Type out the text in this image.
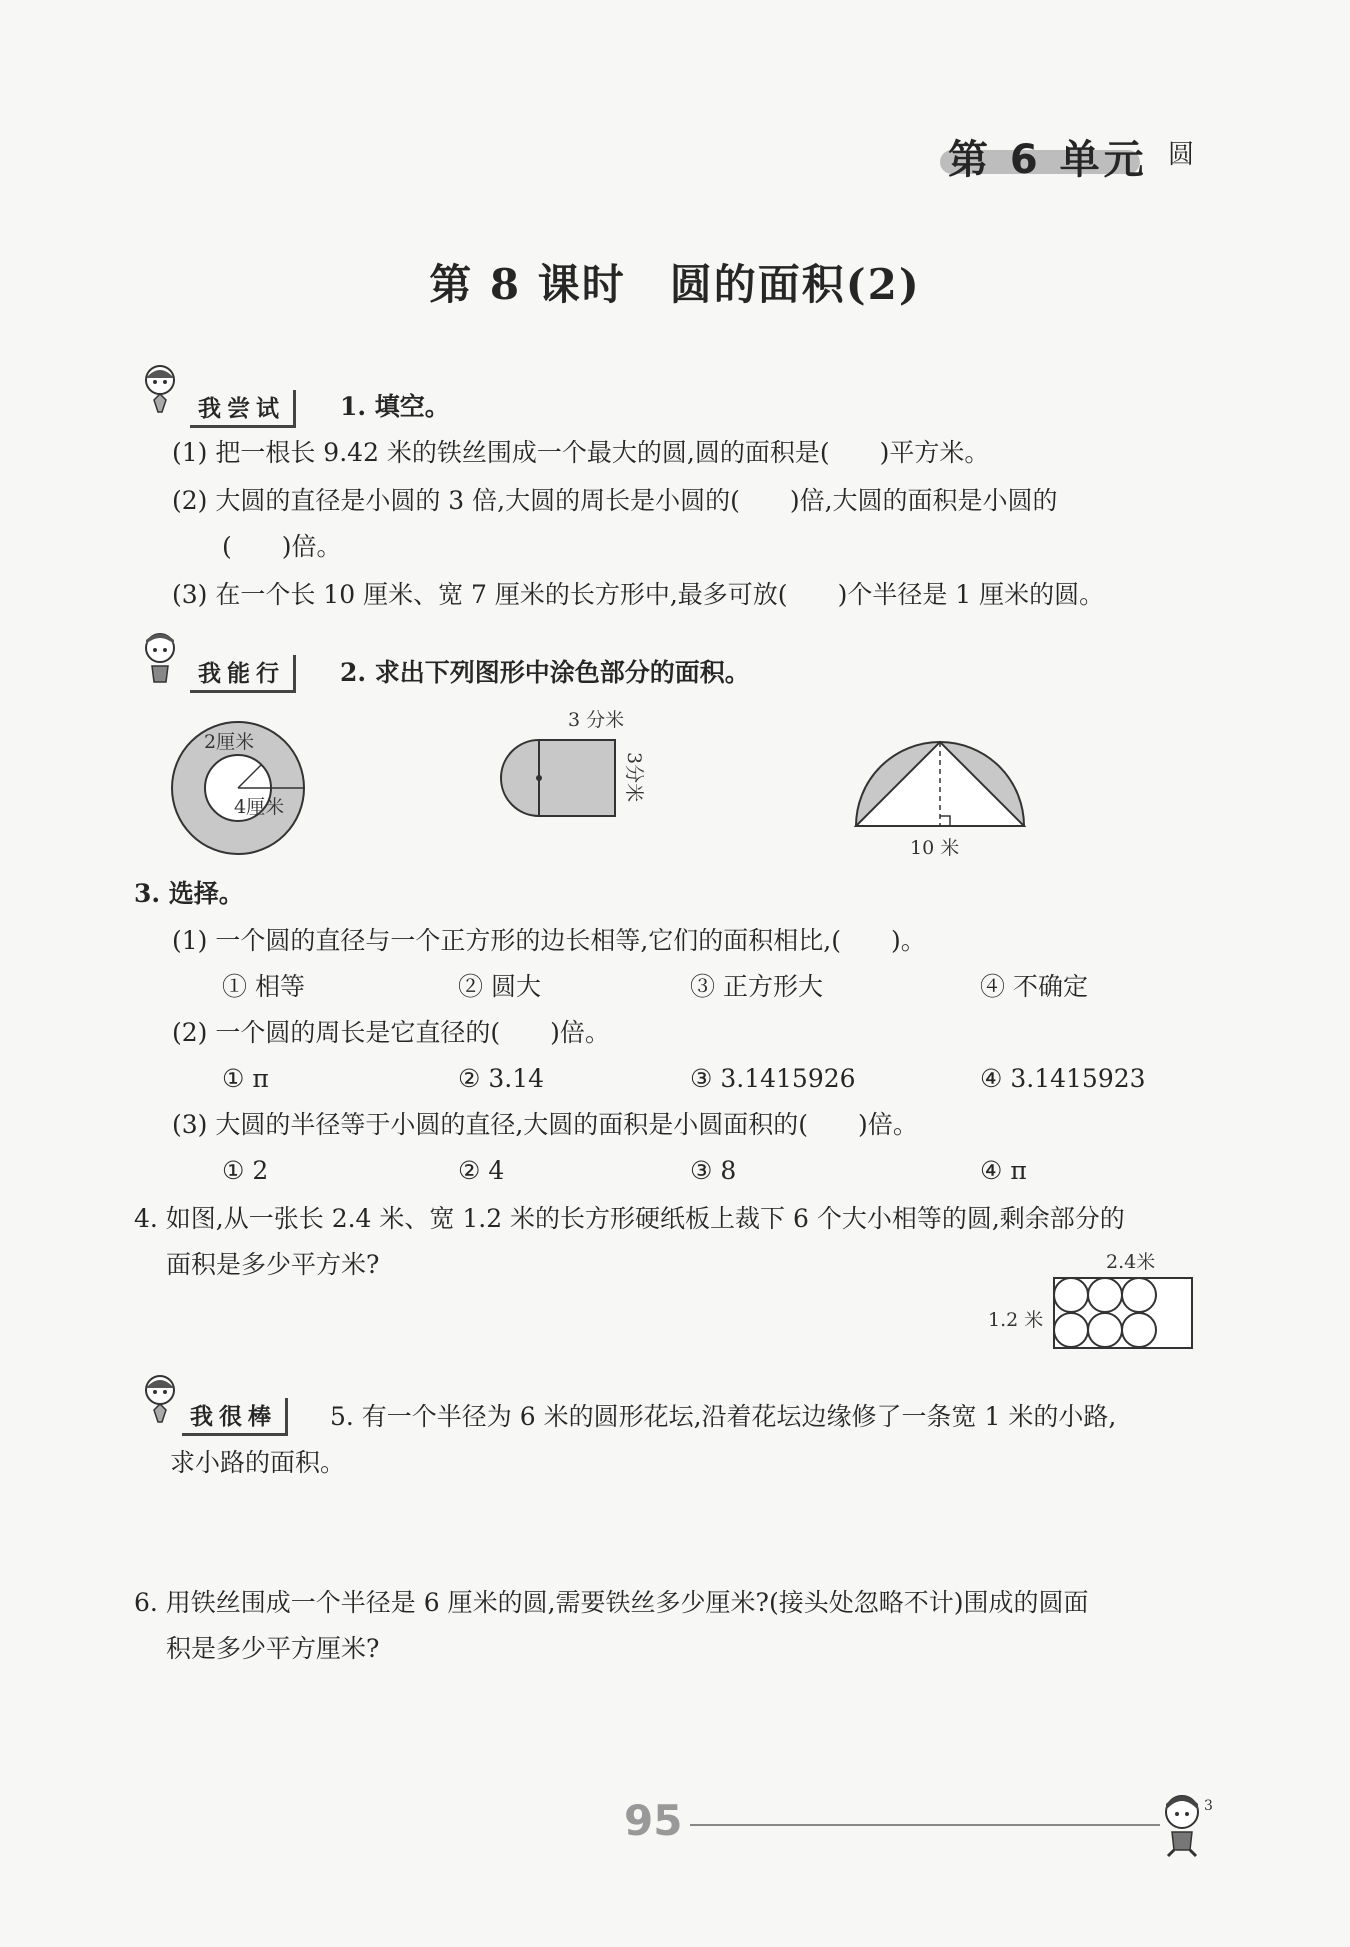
第 6 单元 圆
第 8 课时　圆的面积(2)
我尝试	1. 填空。
(1) 把一根长 9.42 米的铁丝围成一个最大的圆,圆的面积是(　　)平方米。
(2) 大圆的直径是小圆的 3 倍,大圆的周长是小圆的(　　)倍,大圆的面积是小圆的
(　　)倍。
(3) 在一个长 10 厘米、宽 7 厘米的长方形中,最多可放(　　)个半径是 1 厘米的圆。
我能行	2. 求出下列图形中涂色部分的面积。
2厘米
4厘米
3 分米
3分米
10 米
3. 选择。
(1) 一个圆的直径与一个正方形的边长相等,它们的面积相比,(　　)。
① 相等	② 圆大	③ 正方形大	④ 不确定
(2) 一个圆的周长是它直径的(　　)倍。
① π	② 3.14	③ 3.1415926	④ 3.1415923
(3) 大圆的半径等于小圆的直径,大圆的面积是小圆面积的(　　)倍。
① 2	② 4	③ 8	④ π
4. 如图,从一张长 2.4 米、宽 1.2 米的长方形硬纸板上裁下 6 个大小相等的圆,剩余部分的
面积是多少平方米?	2.4米
1.2 米
我很棒	5. 有一个半径为 6 米的圆形花坛,沿着花坛边缘修了一条宽 1 米的小路,
求小路的面积。
6. 用铁丝围成一个半径是 6 厘米的圆,需要铁丝多少厘米?(接头处忽略不计)围成的圆面
积是多少平方厘米?
95	3
